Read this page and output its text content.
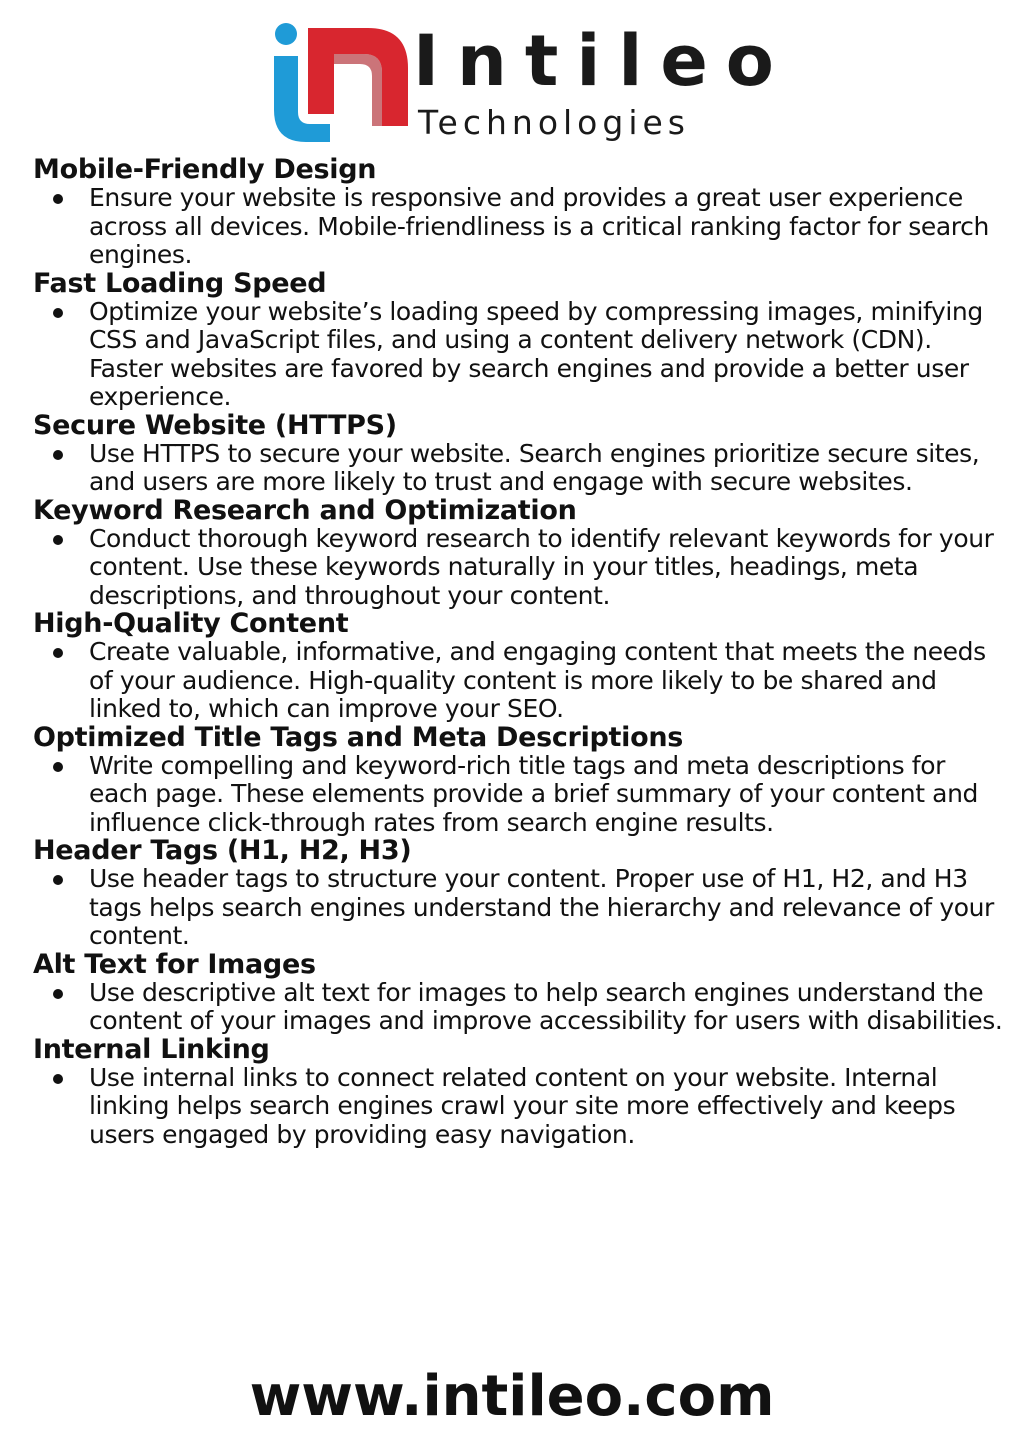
Intileo
Technologies
Mobile-Friendly Design
Ensure your website is responsive and provides a great user experience across all devices. Mobile-friendliness is a critical ranking factor for search engines.
Fast Loading Speed
Optimize your website’s loading speed by compressing images, minifying CSS and JavaScript files, and using a content delivery network (CDN). Faster websites are favored by search engines and provide a better user experience.
Secure Website (HTTPS)
Use HTTPS to secure your website. Search engines prioritize secure sites, and users are more likely to trust and engage with secure websites.
Keyword Research and Optimization
Conduct thorough keyword research to identify relevant keywords for your content. Use these keywords naturally in your titles, headings, meta descriptions, and throughout your content.
High-Quality Content
Create valuable, informative, and engaging content that meets the needs of your audience. High-quality content is more likely to be shared and linked to, which can improve your SEO.
Optimized Title Tags and Meta Descriptions
Write compelling and keyword-rich title tags and meta descriptions for each page. These elements provide a brief summary of your content and influence click-through rates from search engine results.
Header Tags (H1, H2, H3)
Use header tags to structure your content. Proper use of H1, H2, and H3 tags helps search engines understand the hierarchy and relevance of your content.
Alt Text for Images
Use descriptive alt text for images to help search engines understand the content of your images and improve accessibility for users with disabilities.
Internal Linking
Use internal links to connect related content on your website. Internal linking helps search engines crawl your site more effectively and keeps users engaged by providing easy navigation.
www.intileo.com
